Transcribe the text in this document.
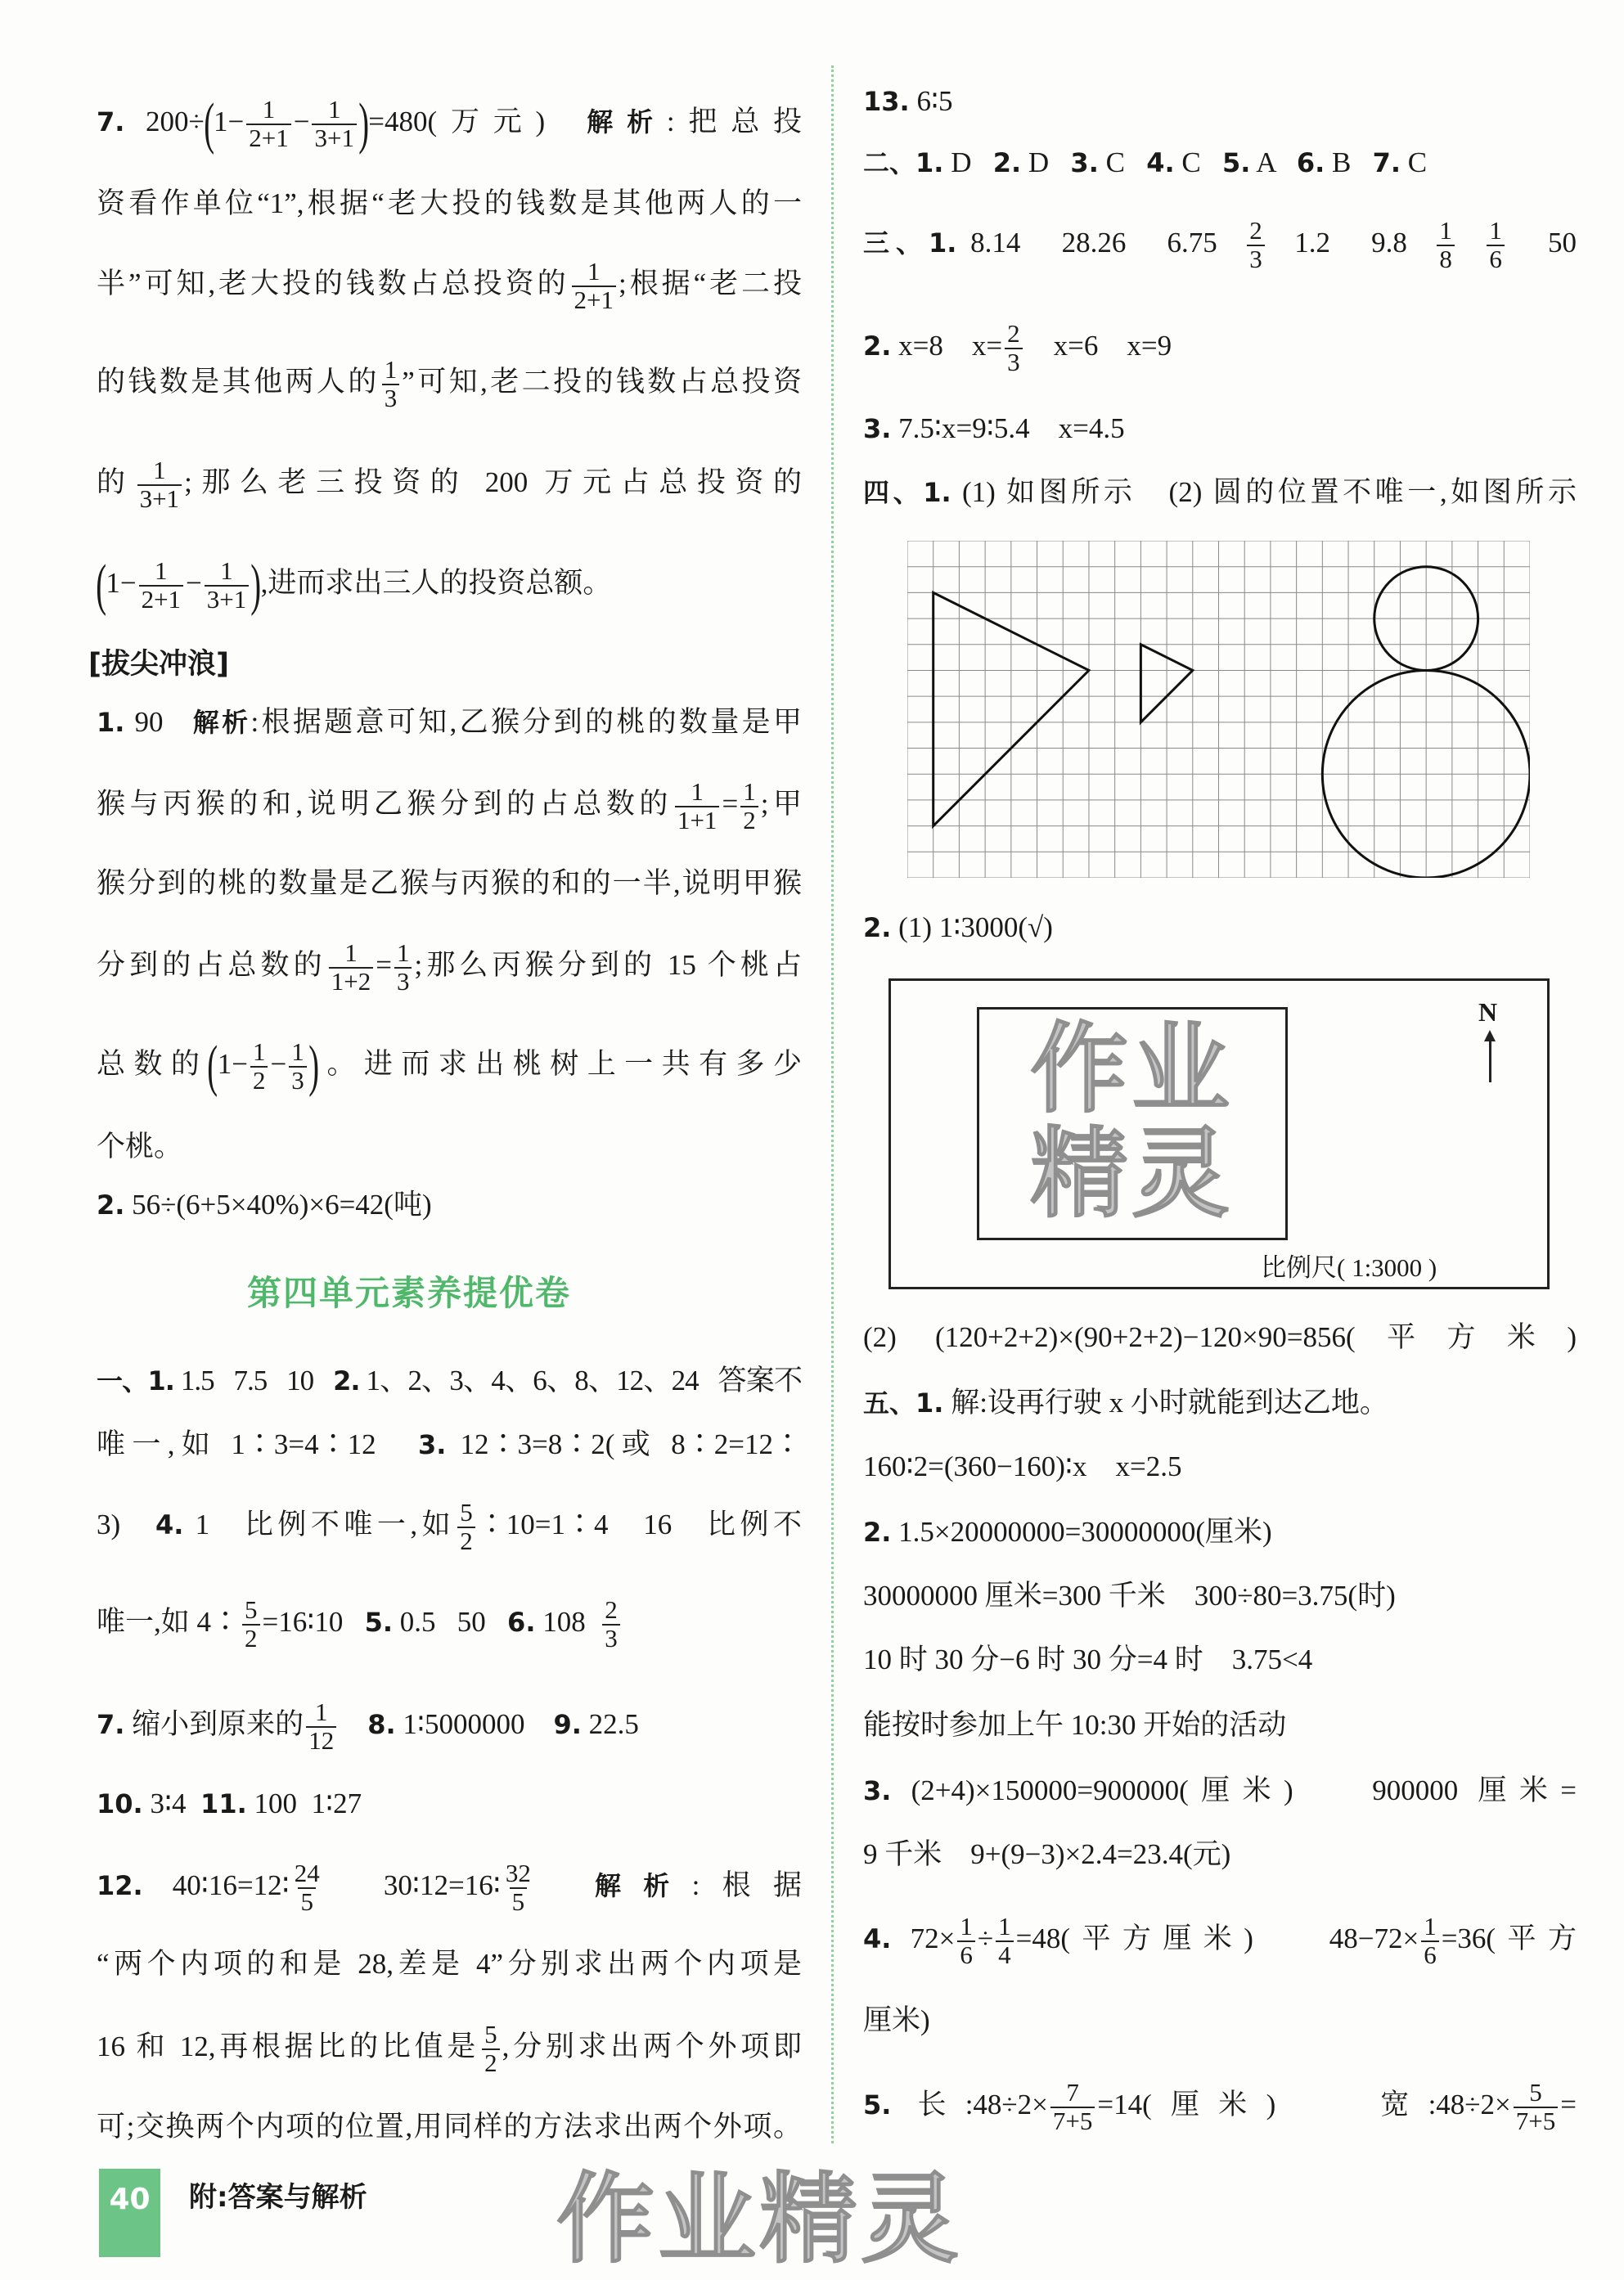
7. $200\div(1- \frac{1}{2+1} - \frac{1}{3+1} )=480$(万元)  解析:把总投
资看作单位“1”,根据“老大投的钱数是其他两人的一
半”可知,老大投的钱数占总投资的 $\frac{1}{2+1}$ ;根据“老二投
的钱数是其他两人的 $\frac{1}{3}$ ”可知,老二投的钱数占总投资
的 $\frac{1}{3+1}$ ;那么老三投资的 200 万元占总投资的
($1- \frac{1}{2+1} - \frac{1}{3+1}$ ),进而求出三人的投资总额。
1. 90   解析:根据题意可知,乙猴分到的桃的数量是甲
猴与丙猴的和,说明乙猴分到的占总数的 $\frac{1}{1+1} = \frac{1}{2}$ ;甲
猴分到的桃的数量是乙猴与丙猴的和的一半,说明甲猴
分到的占总数的 $\frac{1}{1+2} = \frac{1}{3}$ ;那么丙猴分到的 15 个桃占
总数的($1- \frac{1}{2} - \frac{1}{3}$ )。进而求出桃树上一共有多少
个桃。
2. 56÷(6+5×40%)×6=42(吨)
一、1. 1.5   7.5   10   2. 1、2、3、4、6、8、12、24   答案不
唯一,如 1∶3=4∶12   3. 12∶3=8∶2(或 8∶2=12∶
3)   4. 1   比例不唯一,如 $\frac{5}{2}$ ∶10=1∶4   16   比例不
唯一,如 4∶ $\frac{5}{2}$ =16∶10   5. 0.5   50   6. $108 \frac{2}{3}$
7. 缩小到原来的 $\frac{1}{12} 8$. 1∶5000000    9. 22.5
10. 3∶4  11. 100  1∶27
12. 40∶16=12∶ $\frac{24}{5}$ 30∶12=16∶ $\frac{32}{5}$ 解析:根据
“两个内项的和是 28,差是 4”分别求出两个内项是
16 和 12,再根据比的比值是 $\frac{5}{2}$ ,分别求出两个外项即
可;交换两个内项的位置,用同样的方法求出两个外项。
13. 6∶5
二、1. D   2. D   3. C   4. C   5. A   6. B   7. C
三、1. 8.14   28.26   $6.75 \frac{2}{3} 1.2$   $9.8 \frac{1}{8}$
$\frac{1}{6} 50$
2. x=8    $x= \frac{2}{3} x=6$    x=9
3. 7.5∶x=9∶5.4    x=4.5
四、1. (1) 如图所示   (2) 圆的位置不唯一,如图所示
2. (1) 1∶3000(√)
(2) (120+2+2)×(90+2+2)−120×90=856(平方米)
五、1. 解:设再行驶 x 小时就能到达乙地。
160∶2=(360−160)∶x    x=2.5
2. 1.5×20000000=30000000(厘米)
30000000 厘米=300 千米    300÷80=3.75(时)
10 时 30 分−6 时 30 分=4 时    3.75<4
能按时参加上午 10:30 开始的活动
3. (2+4)×150000=900000(厘米)    900000 厘米=
9 千米    9+(9−3)×2.4=23.4(元)
4. $72\times \frac{1}{6} \div \frac{1}{4} =48$(平方厘米)    $48-72\times \frac{1}{6} =36$(平方
厘米)
5. 长:48÷2× $\frac{7}{7+5} =14$(厘米)    宽:48÷2× $\frac{5}{7+5}$ =
[拔尖冲浪]
第四单元素养提优卷
N
比例尺( 1:3000 )
作业精灵
作业精灵
40	附:答案与解析
